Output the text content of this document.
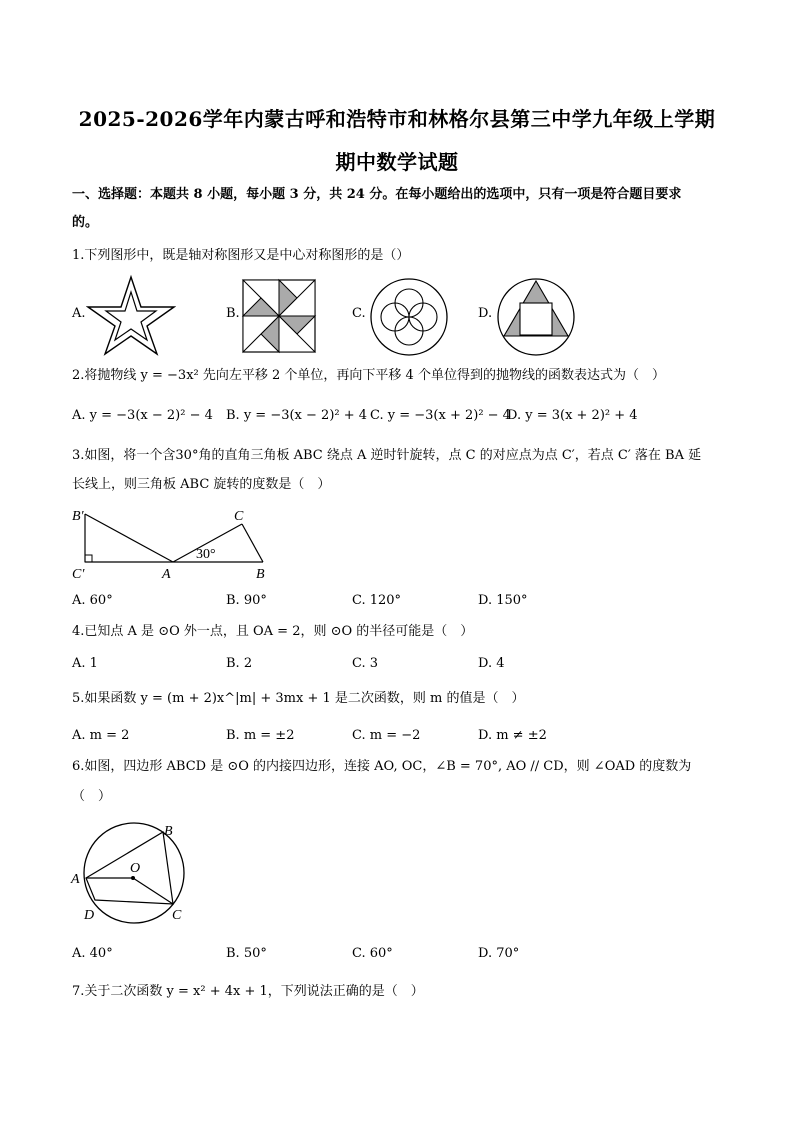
2025-2026学年内蒙古呼和浩特市和林格尔县第三中学九年级上学期
期中数学试题
一、选择题：本题共 8 小题，每小题 3 分，共 24 分。在每小题给出的选项中，只有一项是符合题目要求
的。
1.下列图形中，既是轴对称图形又是中心对称图形的是（）
A.	B.	C.	D.
2.将抛物线 y = −3x² 先向左平移 2 个单位，再向下平移 4 个单位得到的抛物线的函数表达式为（　）
A. y = −3(x − 2)² − 4 B. y = −3(x − 2)² + 4 C. y = −3(x + 2)² − 4
D. y = 3(x + 2)² + 4
3.如图，将一个含30°角的直角三角板 ABC 绕点 A 逆时针旋转，点 C 的对应点为点 C′，若点 C′ 落在 BA 延
长线上，则三角板 ABC 旋转的度数是（　）
B′
C′	A
C
B
30°
A. 60°	B. 90°	C. 120°	D. 150°
4.已知点 A 是 ⊙O 外一点，且 OA = 2，则 ⊙O 的半径可能是（　）
A. 1	B. 2	C. 3	D. 4
5.如果函数 y = (m + 2)x^|m| + 3mx + 1 是二次函数，则 m 的值是（　）
A. m = 2	B. m = ±2	C. m = −2	D. m ≠ ±2
6.如图，四边形 ABCD 是 ⊙O 的内接四边形，连接 AO, OC，∠B = 70°, AO // CD，则 ∠OAD 的度数为
（　）
B
O
A
D	C
A. 40°	B. 50°	C. 60°	D. 70°
7.关于二次函数 y = x² + 4x + 1，下列说法正确的是（　）
